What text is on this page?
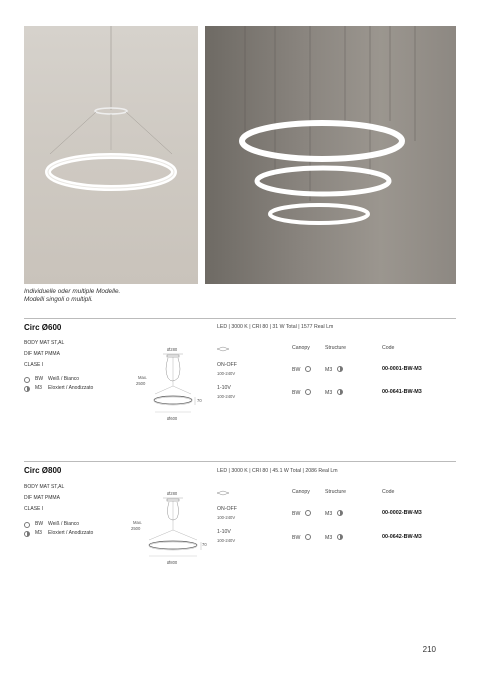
Individuelle oder multiple Modelle.
Modelli singoli o multipli.
Circ Ø600	LED | 3000 K | CRI 80 | 31 W Total | 1577 Real Lm
BODY MAT ST,AL
DIF MAT PMMA
CLASE I
BW Weiß / Bianco
M3 Eloxiert / Anodizzato
Ø280
Max.
2500
70
Ø600
Canopy	Structure	Code
ON-OFF
100-240V
BW	M3	00-0001-BW-M3
1-10V
100-240V
BW	M3	00-0641-BW-M3
Circ Ø800	LED | 3000 K | CRI 80 | 45.1 W Total | 2086 Real Lm
BODY MAT ST,AL
DIF MAT PMMA
CLASE I
BW Weiß / Bianco
M3 Eloxiert / Anodizzato
Ø280
Max.
2500
70
Ø800
Canopy	Structure	Code
ON-OFF
100-240V
BW	M3	00-0002-BW-M3
1-10V
100-240V	BW	M3	00-0642-BW-M3
210
